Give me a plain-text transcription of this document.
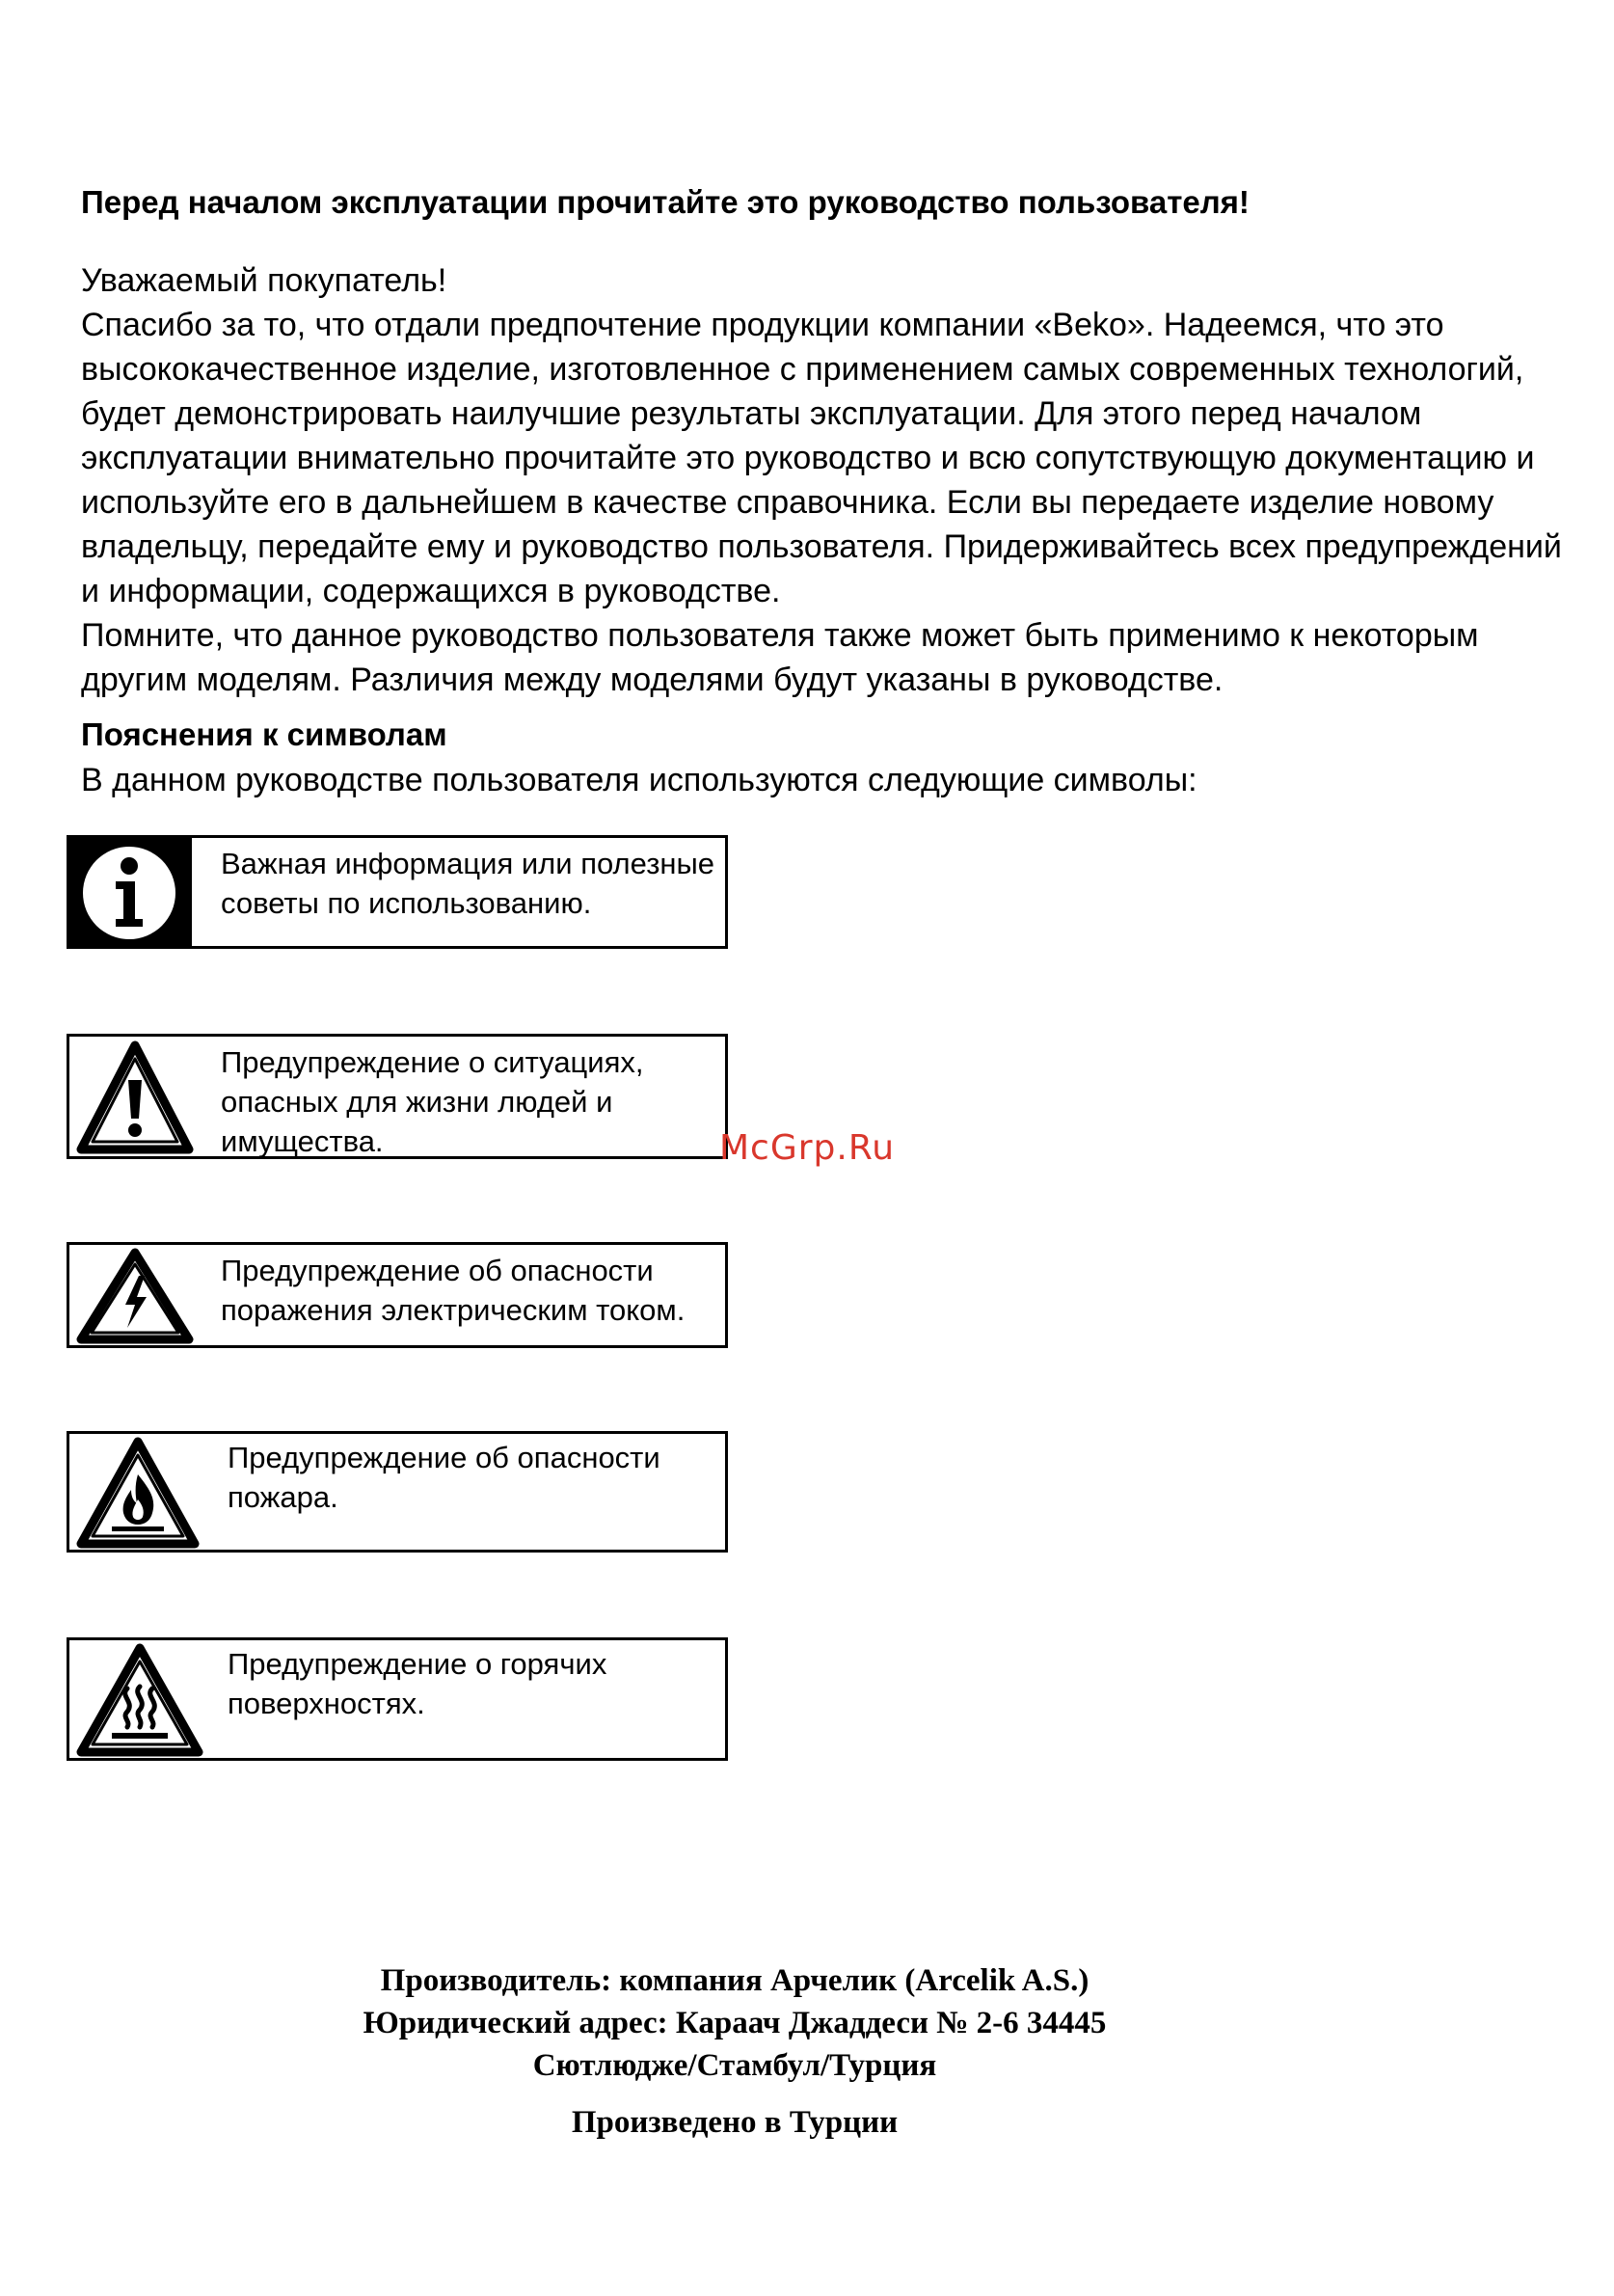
Перед началом эксплуатации прочитайте это руководство пользователя!

Уважаемый покупатель!

Спасибо за то, что отдали предпочтение продукции компании «Beko». Надеемся, что это

высококачественное изделие, изготовленное с применением самых современных технологий,

будет демонстрировать наилучшие результаты эксплуатации. Для этого перед началом

эксплуатации внимательно прочитайте это руководство и всю сопутствующую документацию и

используйте его в дальнейшем в качестве справочника. Если вы передаете изделие новому

владельцу, передайте ему и руководство пользователя. Придерживайтесь всех предупреждений

и информации, содержащихся в руководстве.

Помните, что данное руководство пользователя также может быть применимо к некоторым

другим моделям. Различия между моделями будут указаны в руководстве.

Пояснения к символам
В данном руководстве пользователя используются следующие символы:
Важная информация или полезные
советы по использованию.
Предупреждение о ситуациях,
опасных для жизни людей и
имущества.
Предупреждение об опасности
поражения электрическим током.
Предупреждение об опасности
пожара.
Предупреждение о горячих
поверхностях.
McGrp.Ru
Производитель: компания Арчелик (Arcelik A.S.)
Юридический адрес: Караач Джаддеси № 2-6 34445
Сютлюдже/Стамбул/Турция
Произведено в Турции
